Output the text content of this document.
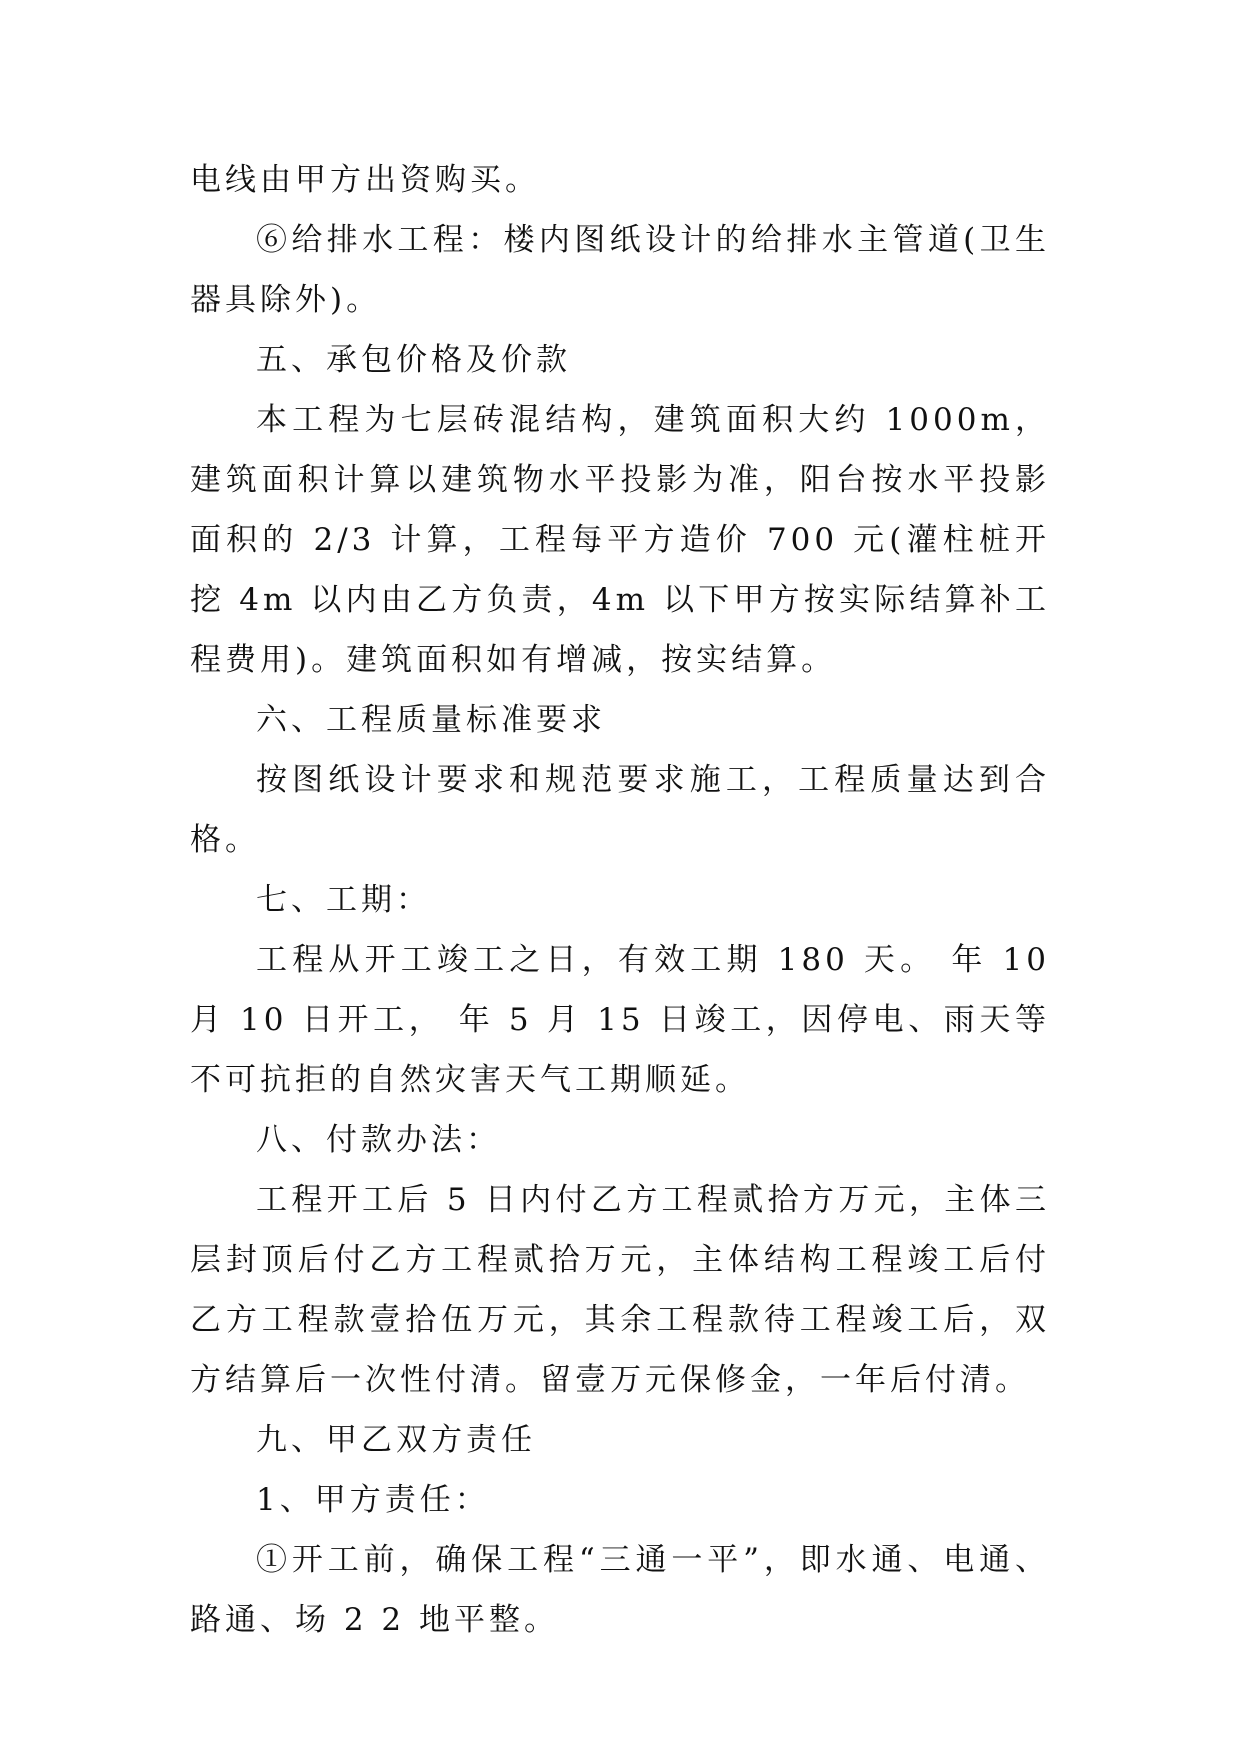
电线由甲方出资购买。

⑥给排水工程：楼内图纸设计的给排水主管道(卫生器具除外)。

五、承包价格及价款

本工程为七层砖混结构，建筑面积大约 1000m，建筑面积计算以建筑物水平投影为准，阳台按水平投影面积的 2/3 计算，工程每平方造价 700 元(灌柱桩开挖 4m 以内由乙方负责，4m 以下甲方按实际结算补工程费用)。建筑面积如有增减，按实结算。

六、工程质量标准要求

按图纸设计要求和规范要求施工，工程质量达到合格。

七、工期：

工程从开工竣工之日，有效工期 180 天。 年 10 月 10 日开工， 年 5 月 15 日竣工，因停电、雨天等不可抗拒的自然灾害天气工期顺延。

八、付款办法：

工程开工后 5 日内付乙方工程贰拾方万元，主体三层封顶后付乙方工程贰拾万元，主体结构工程竣工后付乙方工程款壹拾伍万元，其余工程款待工程竣工后，双方结算后一次性付清。留壹万元保修金，一年后付清。

九、甲乙双方责任

1、甲方责任：

①开工前，确保工程“三通一平”，即水通、电通、路通、场 2 2 地平整。
